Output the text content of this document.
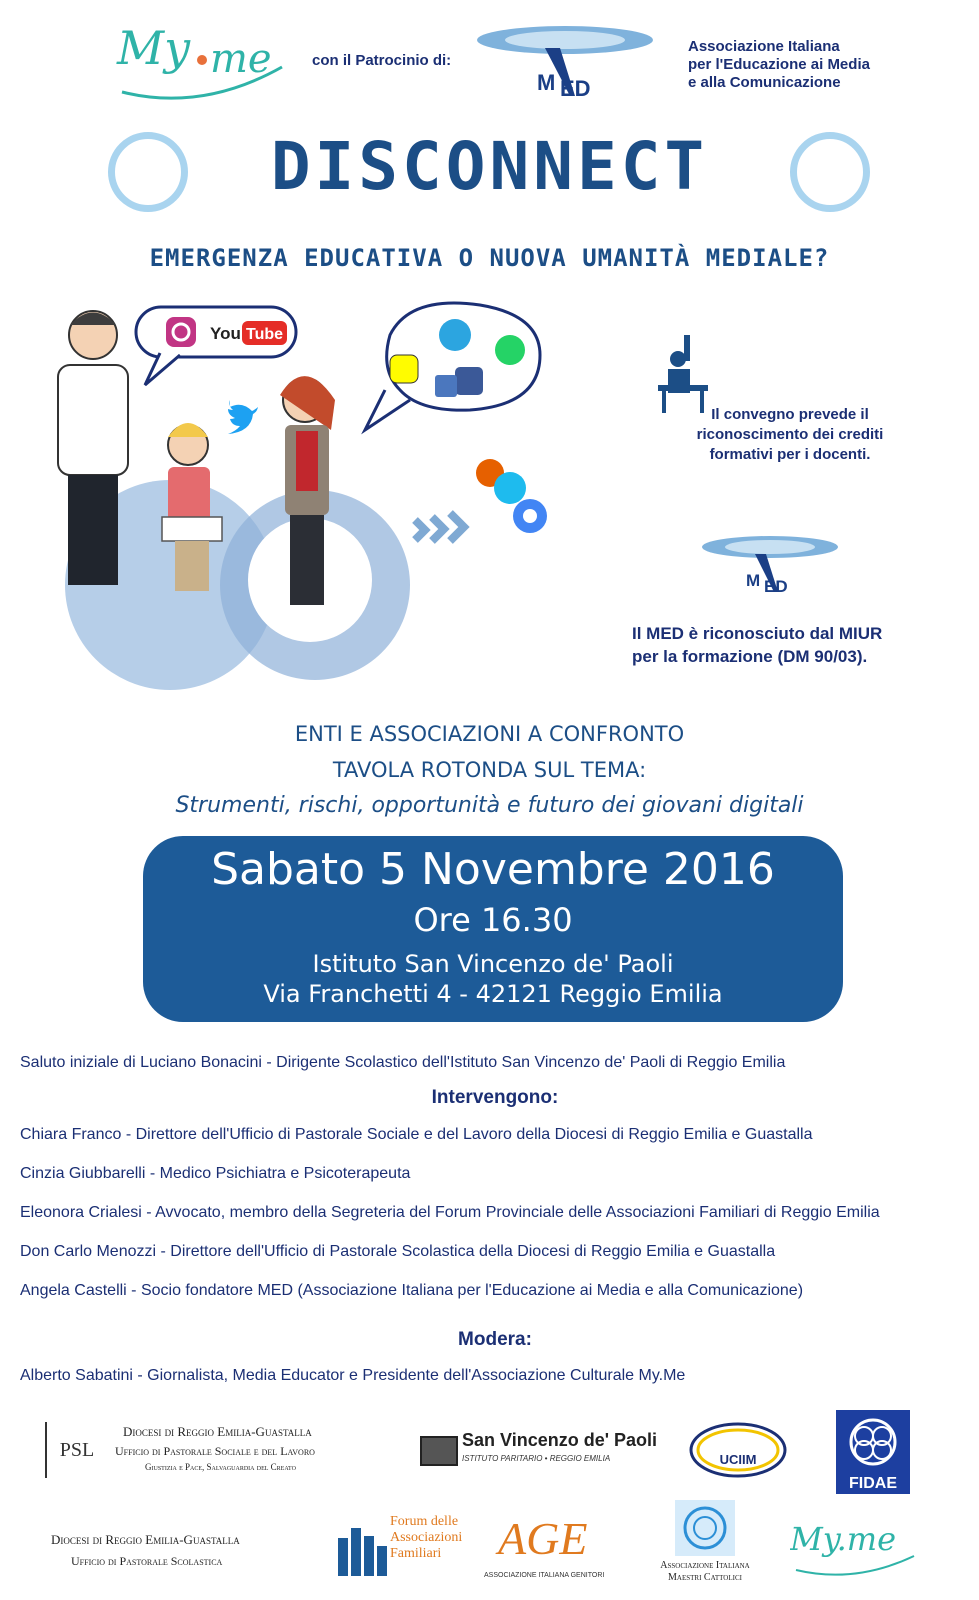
My me	con il Patrocinio di:
M ED
Associazione Italiana
per l'Educazione ai Media
e alla Comunicazione
DISCONNECT
EMERGENZA EDUCATIVA O NUOVA UMANITÀ MEDIALE?
You Tube
Il convegno prevede il
riconoscimento dei crediti
formativi per i docenti.
M ED
Il MED è riconosciuto dal MIUR
per la formazione (DM 90/03).
ENTI E ASSOCIAZIONI A CONFRONTO
TAVOLA ROTONDA SUL TEMA:
Strumenti, rischi, opportunità e futuro dei giovani digitali
Sabato 5 Novembre 2016
Ore 16.30
Istituto San Vincenzo de' Paoli
Via Franchetti 4 - 42121 Reggio Emilia
Saluto iniziale di Luciano Bonacini - Dirigente Scolastico dell'Istituto San Vincenzo de' Paoli di Reggio Emilia
Intervengono:
Chiara Franco - Direttore dell'Ufficio di Pastorale Sociale e del Lavoro della Diocesi di Reggio Emilia e Guastalla
Cinzia Giubbarelli - Medico Psichiatra e Psicoterapeuta
Eleonora Crialesi - Avvocato, membro della Segreteria del Forum Provinciale delle Associazioni Familiari di Reggio Emilia
Don Carlo Menozzi - Direttore dell'Ufficio di Pastorale Scolastica della Diocesi di Reggio Emilia e Guastalla
Angela Castelli - Socio fondatore MED (Associazione Italiana per l'Educazione ai Media e alla Comunicazione)
Modera:
Alberto Sabatini - Giornalista, Media Educator e Presidente dell'Associazione Culturale My.Me
PSL
Diocesi di Reggio Emilia-Guastalla
Ufficio di Pastorale Sociale e del Lavoro
Giustizia e Pace, Salvaguardia del Creato
San Vincenzo de' Paoli
ISTITUTO PARITARIO • REGGIO EMILIA	UCIIM
FIDAE
Diocesi di Reggio Emilia-Guastalla
Ufficio di Pastorale Scolastica
Forum delle
Associazioni
Familiari	AGE
ASSOCIAZIONE ITALIANA GENITORI
Associazione Italiana
Maestri Cattolici
My.me
